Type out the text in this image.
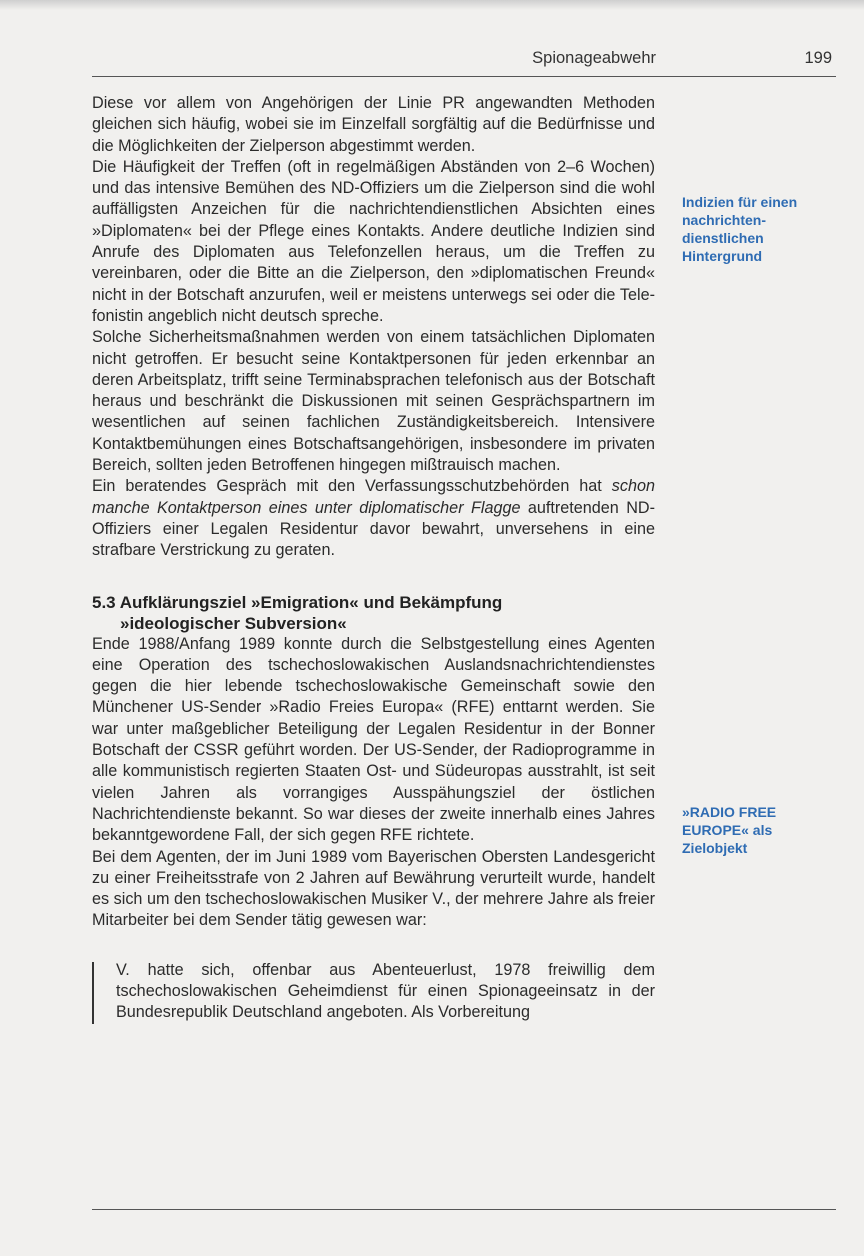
Spionageabwehr	199

Diese vor allem von Angehörigen der Linie PR angewandten Methoden gleichen sich häufig, wobei sie im Einzelfall sorgfältig auf die Bedürfnisse und die Möglichkeiten der Zielperson abgestimmt werden.

Die Häufigkeit der Treffen (oft in regelmäßigen Abständen von 2–6 Wochen) und das intensive Bemühen des ND-Offiziers um die Zielperson sind die wohl auffälligsten Anzeichen für die nachrichtendienstlichen Absichten eines »Diplomaten« bei der Pflege eines Kontakts. Andere deutliche Indizien sind Anrufe des Diplomaten aus Telefonzellen heraus, um die Treffen zu vereinbaren, oder die Bitte an die Zielperson, den »diplomatischen Freund« nicht in der Botschaft anzurufen, weil er meistens unterwegs sei oder die Telefonistin angeblich nicht deutsch spreche.

Solche Sicherheitsmaßnahmen werden von einem tatsächlichen Diplomaten nicht getroffen. Er besucht seine Kontaktpersonen für jeden erkennbar an deren Arbeitsplatz, trifft seine Terminabsprachen telefonisch aus der Botschaft heraus und beschränkt die Diskussionen mit seinen Gesprächspartnern im wesentlichen auf seinen fachlichen Zuständigkeitsbereich. Intensivere Kontaktbemühungen eines Botschaftsangehörigen, insbesondere im privaten Bereich, sollten jeden Betroffenen hingegen mißtrauisch machen.

Ein beratendes Gespräch mit den Verfassungsschutzbehörden hat schon manche Kontaktperson eines unter diplomatischer Flagge auftretenden ND-Offiziers einer Legalen Residentur davor bewahrt, unversehens in eine strafbare Verstrickung zu geraten.

5.3 Aufklärungsziel »Emigration« und Bekämpfung
»ideologischer Subversion«

Ende 1988/Anfang 1989 konnte durch die Selbstgestellung eines Agenten eine Operation des tschechoslowakischen Auslandsnachrichtendienstes gegen die hier lebende tschechoslowakische Gemeinschaft sowie den Münchener US-Sender »Radio Freies Europa« (RFE) enttarnt werden. Sie war unter maßgeblicher Beteiligung der Legalen Residentur in der Bonner Botschaft der CSSR geführt worden. Der US-Sender, der Radioprogramme in alle kommunistisch regierten Staaten Ost- und Südeuropas ausstrahlt, ist seit vielen Jahren als vorrangiges Ausspähungsziel der östlichen Nachrichtendienste bekannt. So war dieses der zweite innerhalb eines Jahres bekanntgewordene Fall, der sich gegen RFE richtete.

Bei dem Agenten, der im Juni 1989 vom Bayerischen Obersten Landesgericht zu einer Freiheitsstrafe von 2 Jahren auf Bewährung verurteilt wurde, handelt es sich um den tschechoslowakischen Musiker V., der mehrere Jahre als freier Mitarbeiter bei dem Sender tätig gewesen war:

V. hatte sich, offenbar aus Abenteuerlust, 1978 freiwillig dem tschechoslowakischen Geheimdienst für einen Spionageeinsatz in der Bundesrepublik Deutschland angeboten. Als Vorbereitung

Indizien für einen nachrichtendienstlichen Hintergrund
»RADIO FREE EUROPE« als Zielobjekt
